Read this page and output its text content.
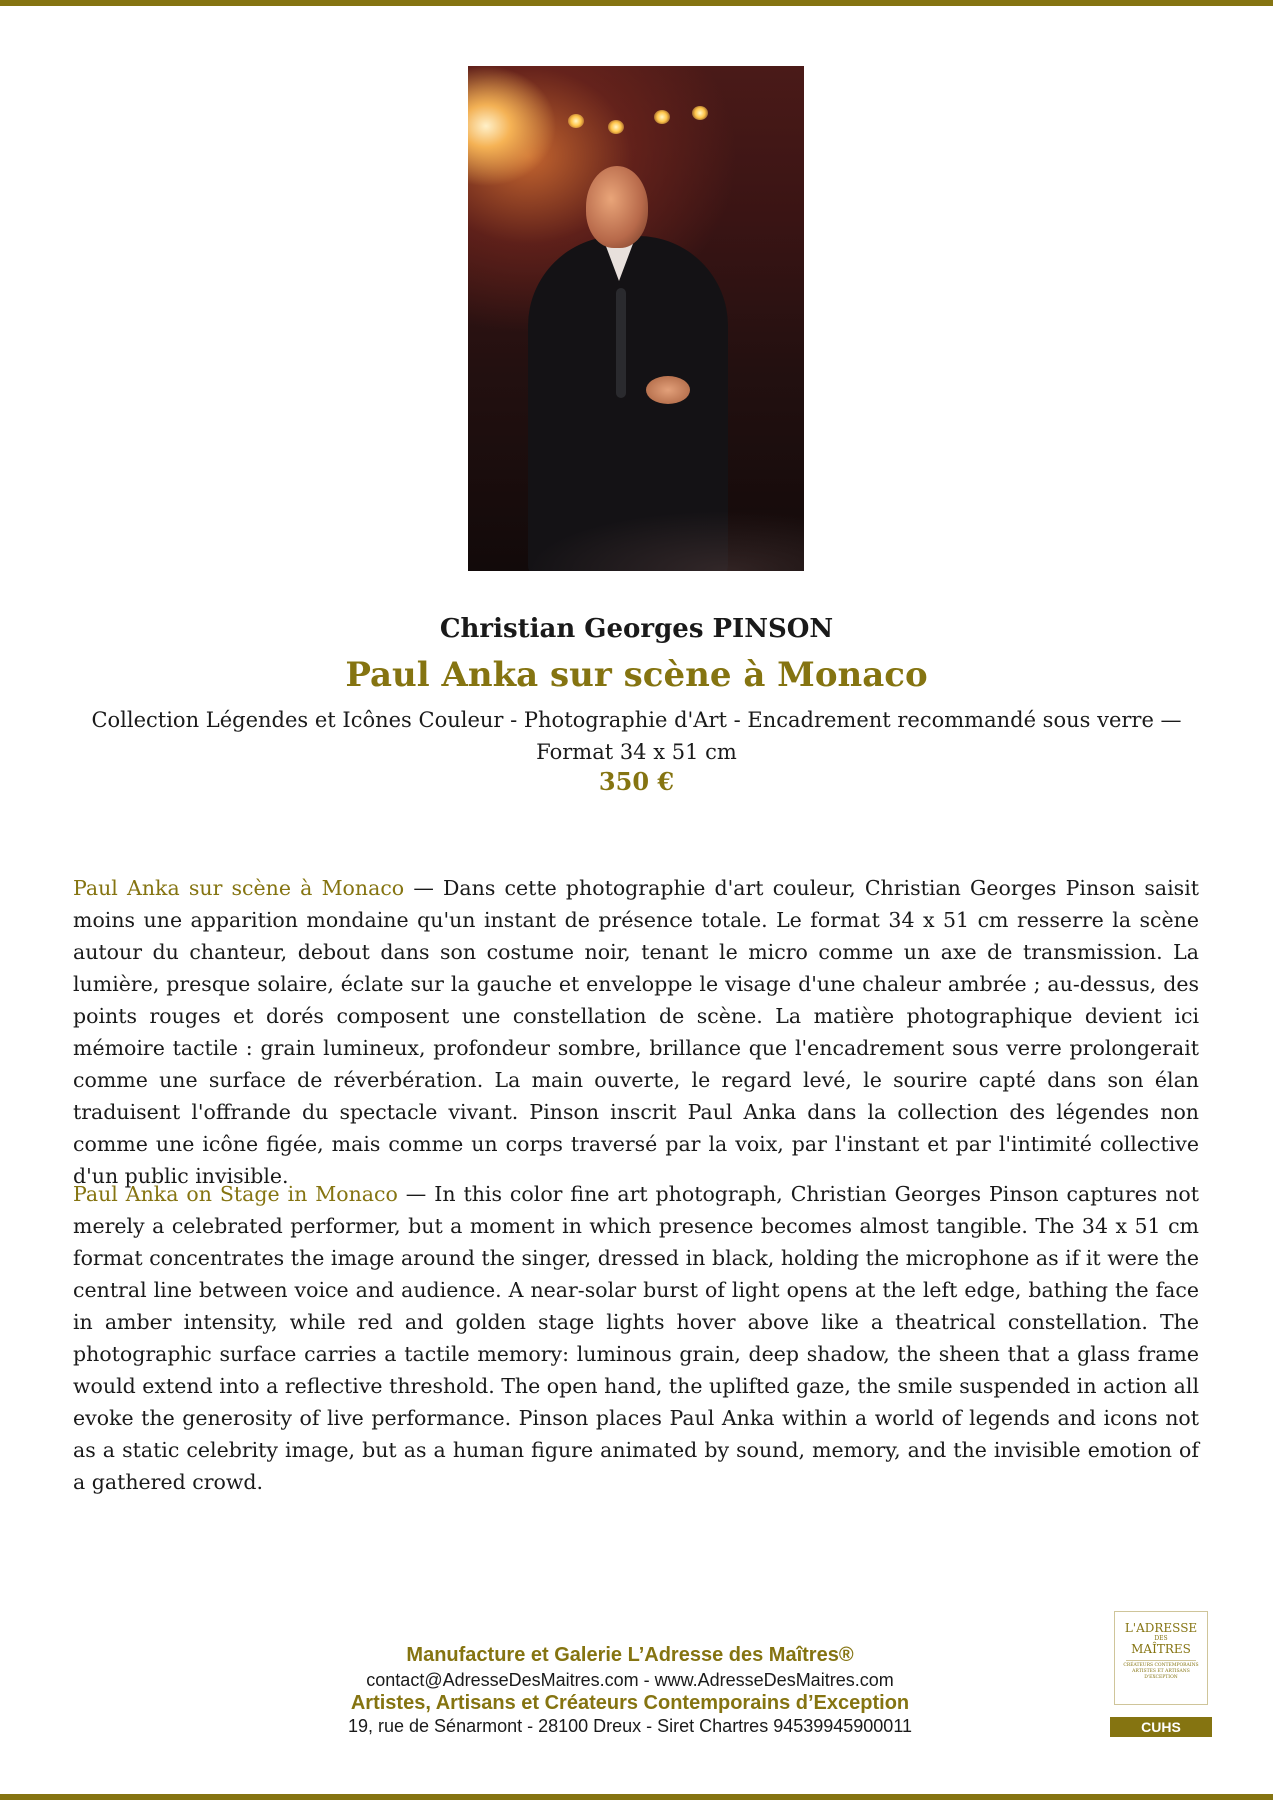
Christian Georges PINSON
Paul Anka sur scène à Monaco
Collection Légendes et Icônes Couleur - Photographie d'Art - Encadrement recommandé sous verre — Format 34 x 51 cm
350 €

Paul Anka sur scène à Monaco — Dans cette photographie d'art couleur, Christian Georges Pinson saisit moins une apparition mondaine qu'un instant de présence totale. Le format 34 x 51 cm resserre la scène autour du chanteur, debout dans son costume noir, tenant le micro comme un axe de transmission. La lumière, presque solaire, éclate sur la gauche et enveloppe le visage d'une chaleur ambrée ; au-dessus, des points rouges et dorés composent une constellation de scène. La matière photographique devient ici mémoire tactile : grain lumineux, profondeur sombre, brillance que l'encadrement sous verre prolongerait comme une surface de réverbération. La main ouverte, le regard levé, le sourire capté dans son élan traduisent l'offrande du spectacle vivant. Pinson inscrit Paul Anka dans la collection des légendes non comme une icône figée, mais comme un corps traversé par la voix, par l'instant et par l'intimité collective d'un public invisible.

Paul Anka on Stage in Monaco — In this color fine art photograph, Christian Georges Pinson captures not merely a celebrated performer, but a moment in which presence becomes almost tangible. The 34 x 51 cm format concentrates the image around the singer, dressed in black, holding the microphone as if it were the central line between voice and audience. A near-solar burst of light opens at the left edge, bathing the face in amber intensity, while red and golden stage lights hover above like a theatrical constellation. The photographic surface carries a tactile memory: luminous grain, deep shadow, the sheen that a glass frame would extend into a reflective threshold. The open hand, the uplifted gaze, the smile suspended in action all evoke the generosity of live performance. Pinson places Paul Anka within a world of legends and icons not as a static celebrity image, but as a human figure animated by sound, memory, and the invisible emotion of a gathered crowd.

Manufacture et Galerie L’Adresse des Maîtres®
contact@AdresseDesMaitres.com - www.AdresseDesMaitres.com
Artistes, Artisans et Créateurs Contemporains d’Exception
19, rue de Sénarmont - 28100 Dreux - Siret Chartres 94539945900011
L'ADRESSE
DES
MAÎTRES
CRÉATEURS CONTEMPORAINS ARTISTES ET ARTISANS D'EXCEPTION
CUHS
